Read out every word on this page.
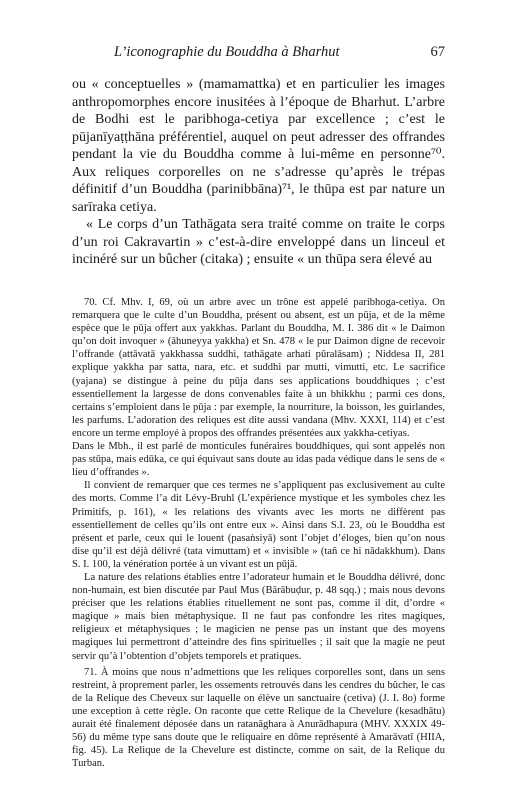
L’iconographie du Bouddha à Bharhut	67

ou « conceptuelles » (mamamattka) et en particulier les images anthropomorphes encore inusitées à l’époque de Bharhut. L’arbre de Bodhi est le paribhoga-cetiya par excellence ; c’est le pūjanīyaṭṭhāna préférentiel, auquel on peut adresser des offrandes pendant la vie du Bouddha comme à lui-même en personne⁷⁰. Aux reliques corporelles on ne s’adresse qu’après le trépas définitif d’un Bouddha (parinibbāna)⁷¹, le thūpa est par nature un sarīraka cetiya.

« Le corps d’un Tathāgata sera traité comme on traite le corps d’un roi Cakravartin » c’est-à-dire enveloppé dans un linceul et incinéré sur un bûcher (citaka) ; ensuite « un thūpa sera élevé au

70. Cf. Mhv. I, 69, où un arbre avec un trône est appelé paribhoga-cetiya. On remarquera que le culte d’un Bouddha, présent ou absent, est un pūja, et de la même espèce que le pūja offert aux yakkhas. Parlant du Bouddha, M. I. 386 dit « le Daimon qu’on doit invoquer » (āhuneyya yakkha) et Sn. 478 « le pur Daimon digne de recevoir l’offrande (attāvatā yakkhassa suddhi, tathāgate arhati pūralāsam) ; Niddesa II, 281 explique yakkha par satta, nara, etc. et suddhi par mutti, vimutti, etc. Le sacrifice (yajana) se distingue à peine du pūja dans ses applications bouddhiques ; c’est essentiellement la largesse de dons convenables faite à un bhikkhu ; parmi ces dons, certains s’emploient dans le pūja : par exemple, la nourriture, la boisson, les guirlandes, les parfums. L’adoration des reliques est dite aussi vandana (Mhv. XXXI, 114) et c’est encore un terme employé à propos des offrandes présentées aux yakkha-cetiyas.

Dans le Mbh., il est parlé de monticules funéraires bouddhiques, qui sont appelés non pas stūpa, mais edūka, ce qui équivaut sans doute au idas pada védique dans le sens de « lieu d’offrandes ».

Il convient de remarquer que ces termes ne s’appliquent pas exclusivement au culte des morts. Comme l’a dit Lévy-Bruhl (L’expérience mystique et les symboles chez les Primitifs, p. 161), « les relations des vivants avec les morts ne diffèrent pas essentiellement de celles qu’ils ont entre eux ». Ainsi dans S.I. 23, où le Bouddha est présent et parle, ceux qui le louent (pasaṅsiyā) sont l’objet d’éloges, bien qu’on nous dise qu’il est déjà délivré (tata vimuttam) et « invisible » (tañ ce hi nādakkhum). Dans S. I. 100, la vénération portée à un vivant est un pūjā.

La nature des relations établies entre l’adorateur humain et le Bouddha délivré, donc non-humain, est bien discutée par Paul Mus (Bārābuḍur, p. 48 sqq.) ; mais nous devons préciser que les relations établies rituellement ne sont pas, comme il dit, d’ordre « magique » mais bien métaphysique. Il ne faut pas confondre les rites magiques, religieux et métaphysiques ; le magicien ne pense pas un instant que des moyens magiques lui permettront d’atteindre des fins spirituelles ; il sait que la magie ne peut servir qu’à l’obtention d’objets temporels et pratiques.

71. À moins que nous n’admettions que les reliques corporelles sont, dans un sens restreint, à proprement parler, les ossements retrouvés dans les cendres du bûcher, le cas de la Relique des Cheveux sur laquelle on élève un sanctuaire (cetiva) (J. I. 8o) forme une exception à cette règle. On raconte que cette Relique de la Chevelure (kesadhātu) aurait été finalement déposée dans un ratanāghara à Anurādhapura (MHV. XXXIX 49-56) du même type sans doute que le reliquaire en dôme représenté à Amarāvatī (HIIA, fig. 45). La Relique de la Chevelure est distincte, comme on sait, de la Relique du Turban.
